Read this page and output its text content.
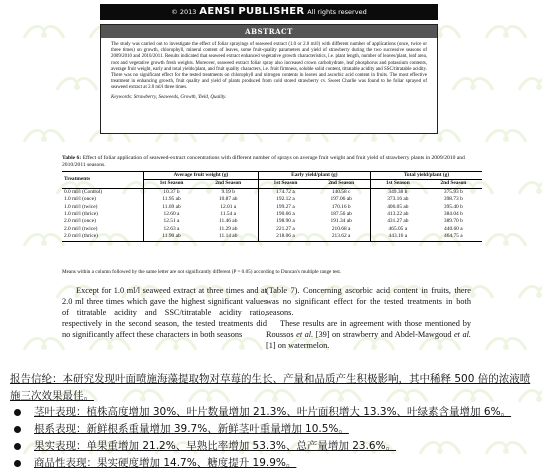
© 2013 AENSI PUBLISHER All rights reserved
ABSTRACT

The study was carried out to investigate the effect of foliar sprayings of seaweed extract (1.0 or 2.0 ml/l) with different number of applications (once, twice or three times) on growth, chlorophyll, mineral content of leaves, some fruit-quality parameters and yield of strawberry during the two successive seasons of 2009/2010 and 2010/2011. Results indicated that seaweed extract enhanced vegetative growth characteristics, i.e. plant length, number of leaves/plant, leaf area, root and vegetative growth fresh weights. Moreover, seaweed extract foliar spray also increased crown carbohydrate, leaf phosphorus and potassium contents, average fruit weight, early and total yields/plant, and fruit quality characters, i.e. fruit firmness, soluble solid content, titratable acidity and SSC/titratable acidity. There was no significant effect for the tested treatments on chlorophyll and nitrogen contents in leaves and ascorbic acid content in fruits. The most effective treatment in enhancing growth, fruit quality and yield of plants produced from cold stored strawberry cv. Sweet Charlie was found to be foliar sprayed of seaweed extract at 2.0 ml/l three times.

Keywords: Strawberry, Seaweeds, Growth, Yield, Quality.

Table 6: Effect of foliar application of seaweed-extract concentrations with different number of sprays on average fruit weight and fruit yield of strawberry plants in 2009/2010 and 2010/2011 seasons.
Treatments	Average fruit weight (g)		Early yield/plant (g)		Total yield/plant (g)	
	1st Season	2nd Season	1st Season	2nd Season	1st Season	2nd Season
0.0 ml/l (Control)	10.37 b	9.19 b	174.72 a	140.58 c	349.38 b	375.93 b
1.0 ml/l (once)	11.95 ab	10.87 ab	192.12 a	197.06 ab	373.16 ab	398.73 b
1.0 ml/l (twice)	11.69 ab	12.01 a	199.27 a	170.16 b	406.05 ab	395.40 b
1.0 ml/l (thrice)	12.60 a	11.54 a	190.66 a	187.56 ab	413.22 ab	384.04 b
2.0 ml/l (once)	12.51 a	11.46 ab	198.90 a	191.34 ab	431.27 ab	389.70 b
2.0 ml/l (twice)	12.63 a	11.29 ab	221.27 a	210.68 a	465.05 a	440.60 a
2.0 ml/l (thrice)	11.90 ab	11.14 ab	218.06 a	213.62 a	443.16 a	464.75 a

Means within a column followed by the same letter are not significantly different (P = 0.05) according to Duncan's multiple range test.

Except for 1.0 ml/l seaweed extract at three times and at 2.0 ml three times which gave the highest significant values of titratable acidity and SSC/titratable acidity ratio, respectively in the second season, the tested treatments did no significantly affect these characters in both seasons

(Table 7). Concerning ascorbic acid content in fruits, there was no significant effect for the tested treatments in both seasons.

These results are in agreement with those mentioned by Roussos et al. [39] on strawberry and Abdel-Mawgoud et al. [1] on watermelon.

报告信纶：本研究发现叶面喷施海藻提取物对草莓的生长、产量和品质产生积极影响，其中稀释 500 倍的浓液喷施三次效果最佳。

茎叶表现：植株高度增加 30%、叶片数量增加 21.3%、叶片面积增大 13.3%、叶绿素含量增加 6%。
根系表现：新鲜根系重量增加 39.7%、新鲜茎叶重量增加 10.5%。
果实表现：单果重增加 21.2%、早熟比率增加 53.3%、总产量增加 23.6%。
商品性表现：果实硬度增加 14.7%、糖度提升 19.9%。
